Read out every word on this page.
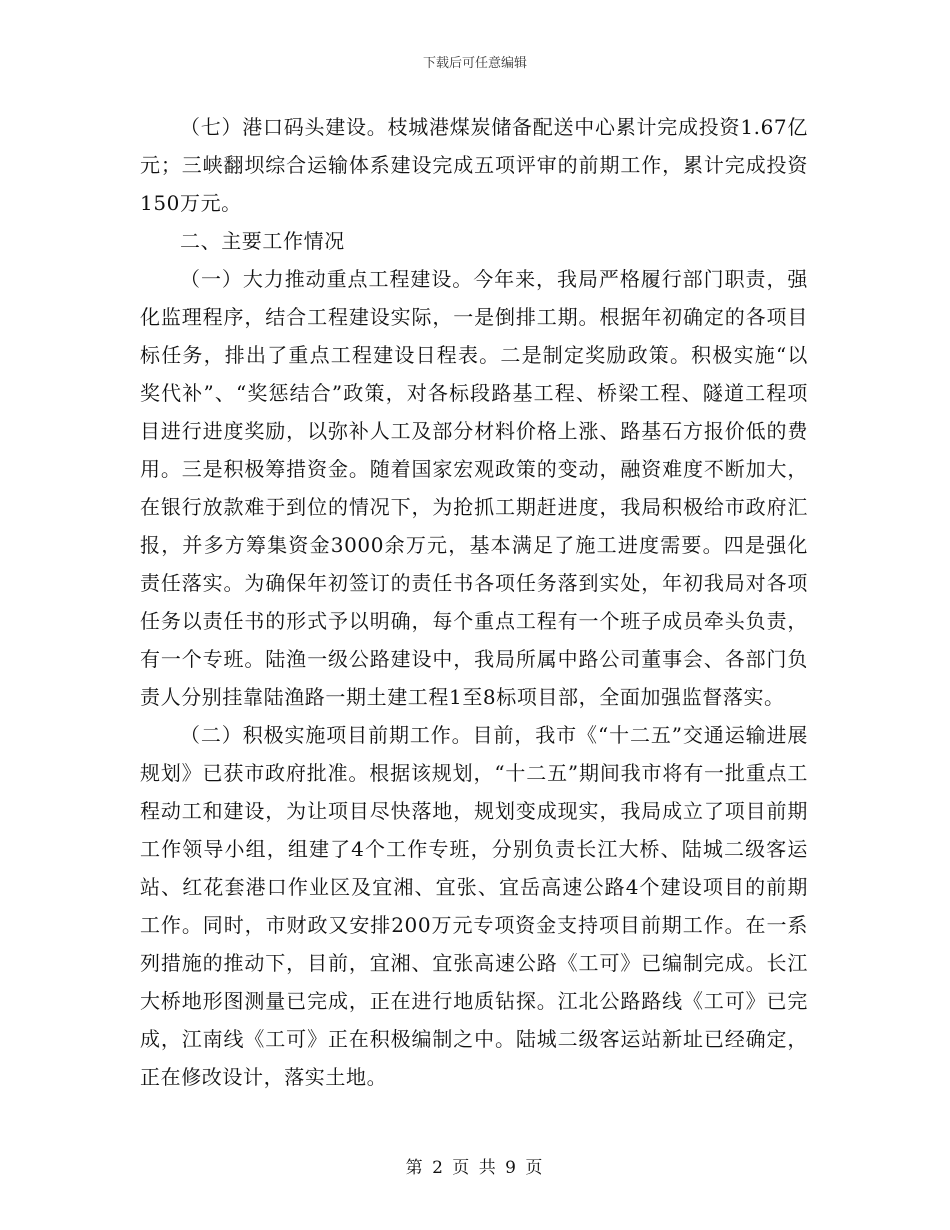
下载后可任意编辑

（七）港口码头建设。枝城港煤炭储备配送中心累计完成投资1.67亿元；三峡翻坝综合运输体系建设完成五项评审的前期工作，累计完成投资150万元。

二、主要工作情况

（一）大力推动重点工程建设。今年来，我局严格履行部门职责，强化监理程序，结合工程建设实际，一是倒排工期。根据年初确定的各项目标任务，排出了重点工程建设日程表。二是制定奖励政策。积极实施“以奖代补”、“奖惩结合”政策，对各标段路基工程、桥梁工程、隧道工程项目进行进度奖励，以弥补人工及部分材料价格上涨、路基石方报价低的费用。三是积极筹措资金。随着国家宏观政策的变动，融资难度不断加大，在银行放款难于到位的情况下，为抢抓工期赶进度，我局积极给市政府汇报，并多方筹集资金3000余万元，基本满足了施工进度需要。四是强化责任落实。为确保年初签订的责任书各项任务落到实处，年初我局对各项任务以责任书的形式予以明确，每个重点工程有一个班子成员牵头负责，有一个专班。陆渔一级公路建设中，我局所属中路公司董事会、各部门负责人分别挂靠陆渔路一期土建工程1至8标项目部，全面加强监督落实。

（二）积极实施项目前期工作。目前，我市《“十二五”交通运输进展规划》已获市政府批准。根据该规划，“十二五”期间我市将有一批重点工程动工和建设，为让项目尽快落地，规划变成现实，我局成立了项目前期工作领导小组，组建了4个工作专班，分别负责长江大桥、陆城二级客运站、红花套港口作业区及宜湘、宜张、宜岳高速公路4个建设项目的前期工作。同时，市财政又安排200万元专项资金支持项目前期工作。在一系列措施的推动下，目前，宜湘、宜张高速公路《工可》已编制完成。长江大桥地形图测量已完成，正在进行地质钻探。江北公路路线《工可》已完成，江南线《工可》正在积极编制之中。陆城二级客运站新址已经确定，正在修改设计，落实土地。

第 2 页 共 9 页
